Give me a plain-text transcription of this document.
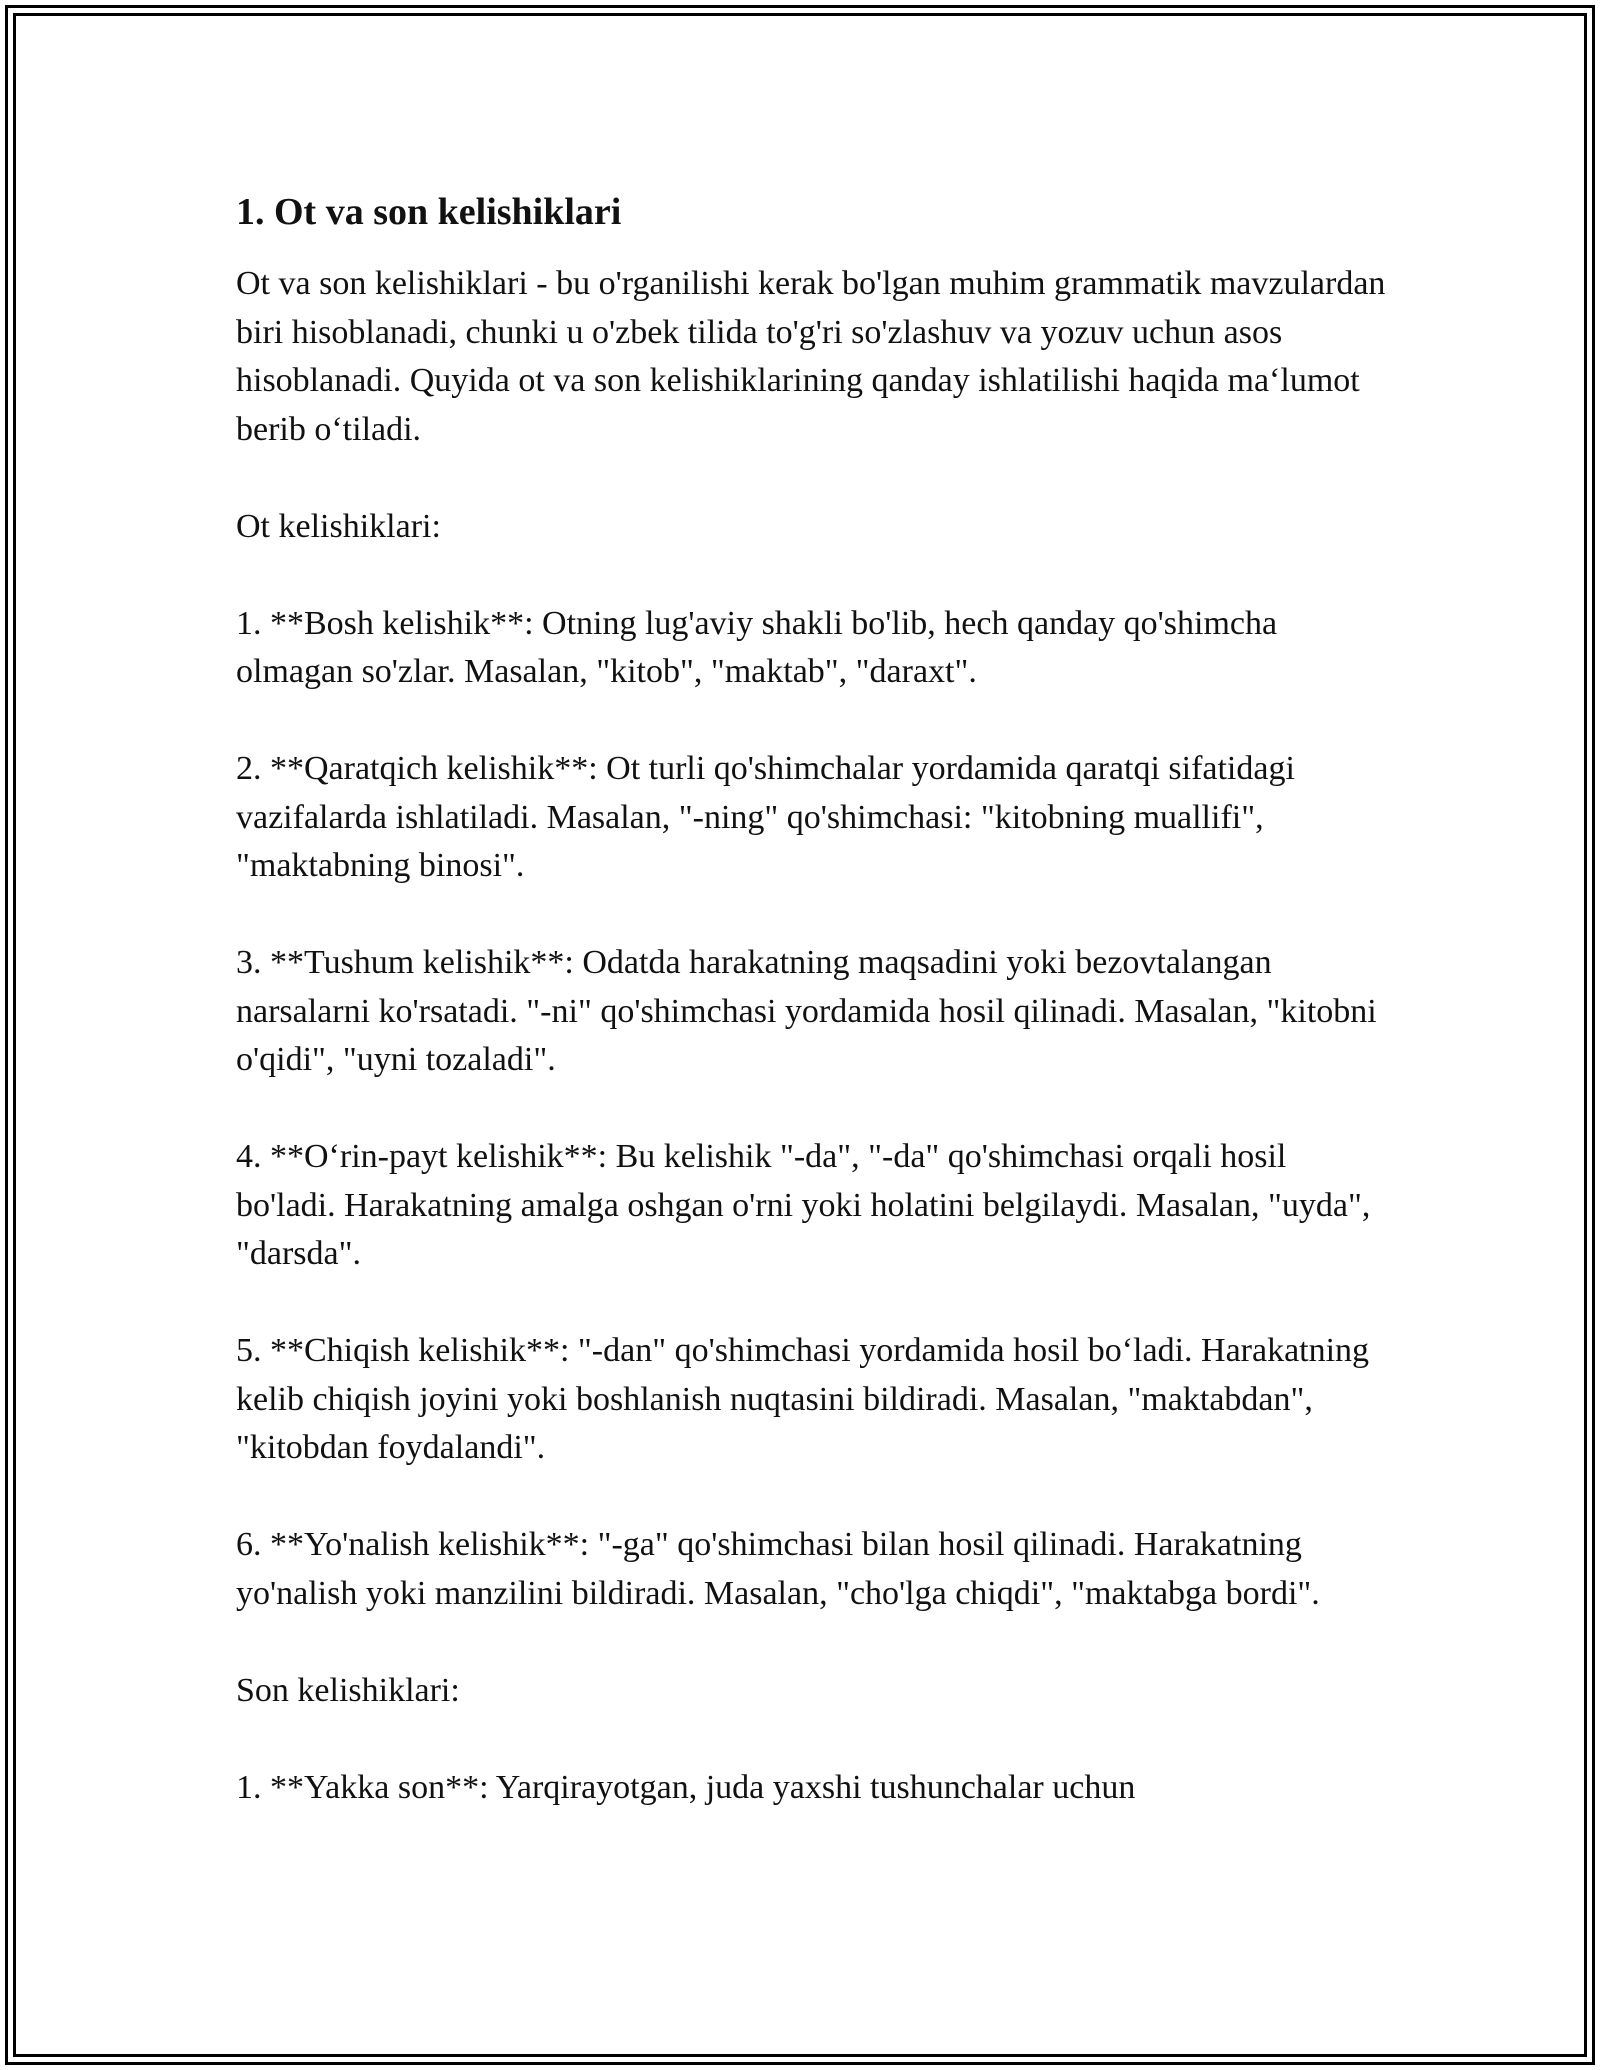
1. Ot va son kelishiklari

Ot va son kelishiklari - bu o'rganilishi kerak bo'lgan muhim grammatik mavzulardan biri hisoblanadi, chunki u o'zbek tilida to'g'ri so'zlashuv va yozuv uchun asos hisoblanadi. Quyida ot va son kelishiklarining qanday ishlatilishi haqida ma‘lumot berib o‘tiladi.

Ot kelishiklari:

1. **Bosh kelishik**: Otning lug'aviy shakli bo'lib, hech qanday qo'shimcha olmagan so'zlar. Masalan, "kitob", "maktab", "daraxt".

2. **Qaratqich kelishik**: Ot turli qo'shimchalar yordamida qaratqi sifatidagi vazifalarda ishlatiladi. Masalan, "-ning" qo'shimchasi: "kitobning muallifi", "maktabning binosi".

3. **Tushum kelishik**: Odatda harakatning maqsadini yoki bezovtalangan narsalarni ko'rsatadi. "-ni" qo'shimchasi yordamida hosil qilinadi. Masalan, "kitobni o'qidi", "uyni tozaladi".

4. **O‘rin-payt kelishik**: Bu kelishik "-da", "-da" qo'shimchasi orqali hosil bo'ladi. Harakatning amalga oshgan o'rni yoki holatini belgilaydi. Masalan, "uyda", "darsda".

5. **Chiqish kelishik**: "-dan" qo'shimchasi yordamida hosil bo‘ladi. Harakatning kelib chiqish joyini yoki boshlanish nuqtasini bildiradi. Masalan, "maktabdan", "kitobdan foydalandi".

6. **Yo'nalish kelishik**: "-ga" qo'shimchasi bilan hosil qilinadi. Harakatning yo'nalish yoki manzilini bildiradi. Masalan, "cho'lga chiqdi", "maktabga bordi".

Son kelishiklari:

1. **Yakka son**: Yarqirayotgan, juda yaxshi tushunchalar uchun
